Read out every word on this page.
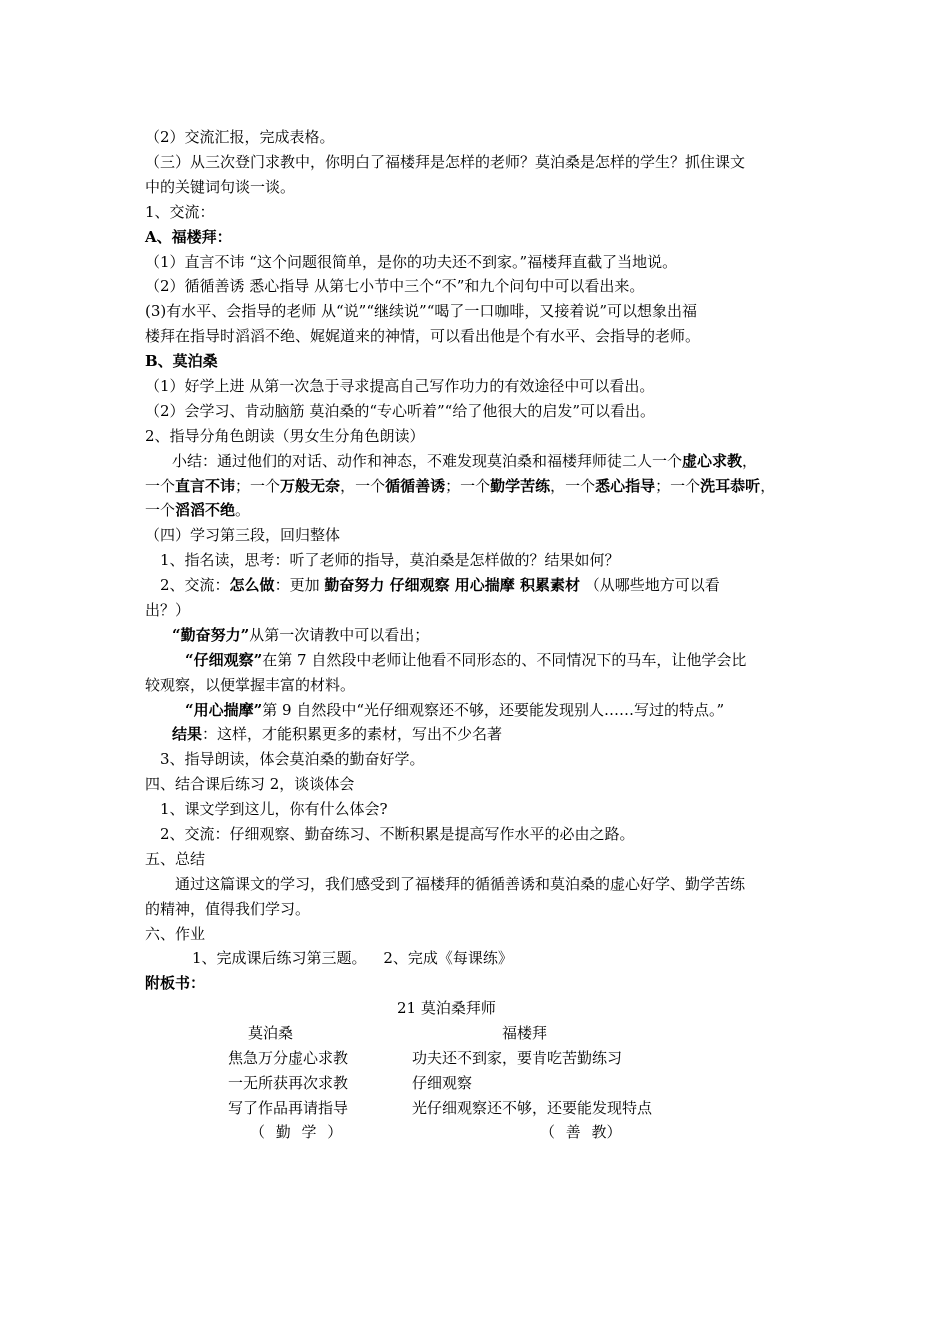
（2）交流汇报，完成表格。

（三）从三次登门求教中，你明白了福楼拜是怎样的老师？莫泊桑是怎样的学生？抓住课文

中的关键词句谈一谈。

1、交流：

A、福楼拜：

（1）直言不讳 “这个问题很简单，是你的功夫还不到家。”福楼拜直截了当地说。

（2）循循善诱 悉心指导 从第七小节中三个“不”和九个问句中可以看出来。

(3)有水平、会指导的老师 从“说”“继续说”“喝了一口咖啡，又接着说”可以想象出福

楼拜在指导时滔滔不绝、娓娓道来的神情，可以看出他是个有水平、会指导的老师。

B、莫泊桑

（1）好学上进 从第一次急于寻求提高自己写作功力的有效途径中可以看出。

（2）会学习、肯动脑筋 莫泊桑的“专心听着”“给了他很大的启发”可以看出。

2、指导分角色朗读（男女生分角色朗读）

小结：通过他们的对话、动作和神态，不难发现莫泊桑和福楼拜师徒二人一个虚心求教，

一个直言不讳；一个万般无奈，一个循循善诱；一个勤学苦练，一个悉心指导；一个洗耳恭听，

一个滔滔不绝。

（四）学习第三段，回归整体

1、指名读，思考：听了老师的指导，莫泊桑是怎样做的？结果如何？

2、交流：怎么做：更加 勤奋努力 仔细观察 用心揣摩 积累素材 （从哪些地方可以看

出？）

“勤奋努力”从第一次请教中可以看出；

“仔细观察”在第 7 自然段中老师让他看不同形态的、不同情况下的马车，让他学会比

较观察，以便掌握丰富的材料。

“用心揣摩”第 9 自然段中“光仔细观察还不够，还要能发现别人……写过的特点。”

结果：这样，才能积累更多的素材，写出不少名著

3、指导朗读，体会莫泊桑的勤奋好学。

四、结合课后练习 2，谈谈体会

1、课文学到这儿，你有什么体会?

2、交流：仔细观察、勤奋练习、不断积累是提高写作水平的必由之路。

五、总结

通过这篇课文的学习，我们感受到了福楼拜的循循善诱和莫泊桑的虚心好学、勤学苦练

的精神，值得我们学习。

六、作业

1、完成课后练习第三题。 2、完成《每课练》

附板书：

21 莫泊桑拜师
莫泊桑	福楼拜
焦急万分虚心求教	功夫还不到家，要肯吃苦勤练习
一无所获再次求教	仔细观察
写了作品再请指导	光仔细观察还不够，还要能发现特点
（ 勤 学 ）	（ 善 教）
